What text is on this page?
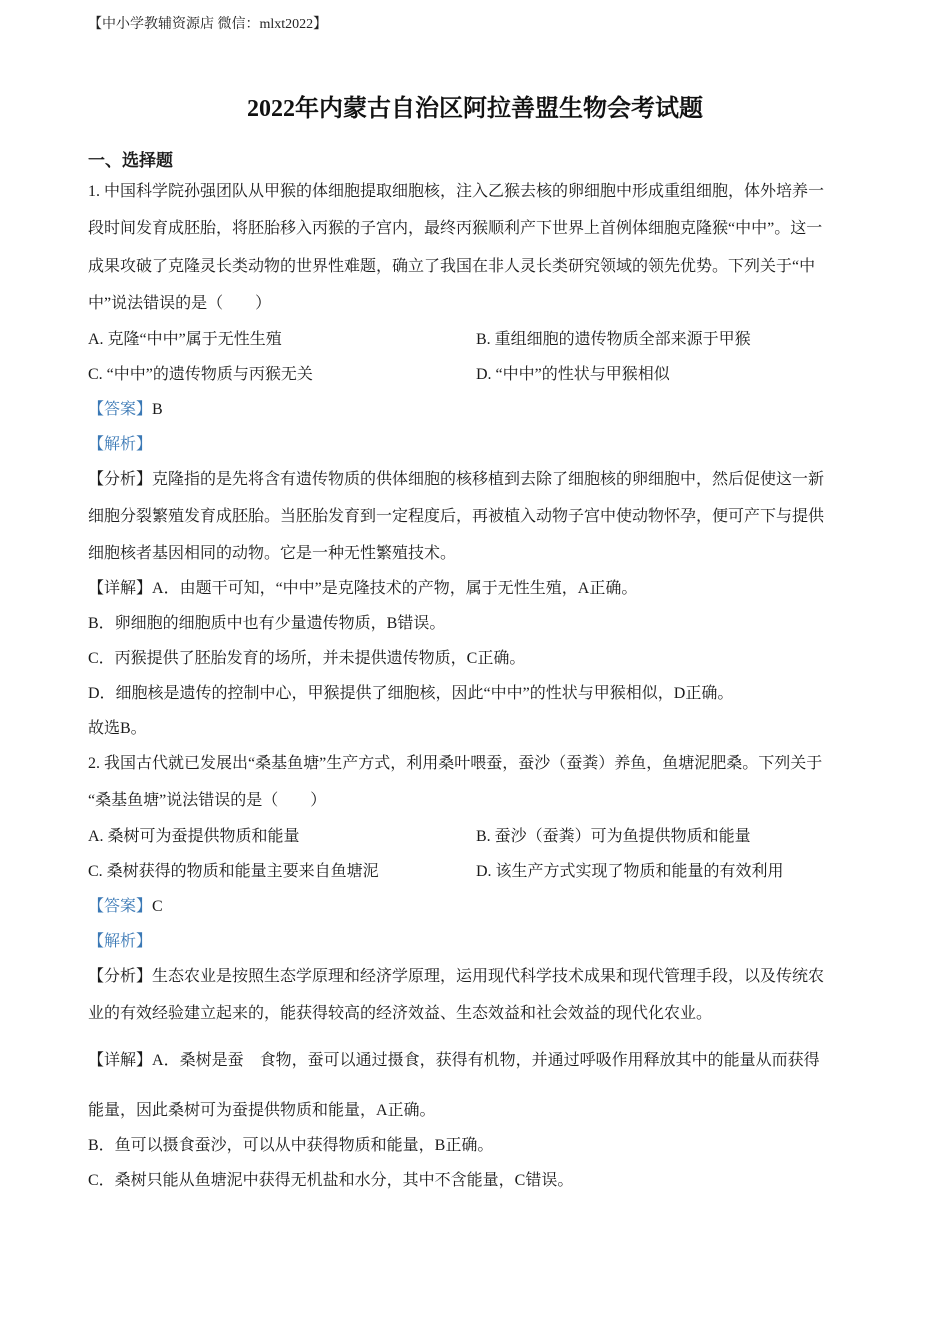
【中小学教辅资源店 微信：mlxt2022】
2022年内蒙古自治区阿拉善盟生物会考试题
一、选择题
1. 中国科学院孙强团队从甲猴的体细胞提取细胞核，注入乙猴去核的卵细胞中形成重组细胞，体外培养一
段时间发育成胚胎，将胚胎移入丙猴的子宫内，最终丙猴顺利产下世界上首例体细胞克隆猴“中中”。这一
成果攻破了克隆灵长类动物的世界性难题，确立了我国在非人灵长类研究领域的领先优势。下列关于“中
中”说法错误的是（　　）
A. 克隆“中中”属于无性生殖	B. 重组细胞的遗传物质全部来源于甲猴
C. “中中”的遗传物质与丙猴无关	D. “中中”的性状与甲猴相似
【答案】B
【解析】
【分析】克隆指的是先将含有遗传物质的供体细胞的核移植到去除了细胞核的卵细胞中，然后促使这一新
细胞分裂繁殖发育成胚胎。当胚胎发育到一定程度后，再被植入动物子宫中使动物怀孕，便可产下与提供
细胞核者基因相同的动物。它是一种无性繁殖技术。
【详解】A．由题干可知，“中中”是克隆技术的产物，属于无性生殖，A正确。
B．卵细胞的细胞质中也有少量遗传物质，B错误。
C．丙猴提供了胚胎发育的场所，并未提供遗传物质，C正确。
D．细胞核是遗传的控制中心，甲猴提供了细胞核，因此“中中”的性状与甲猴相似，D正确。
故选B。
2. 我国古代就已发展出“桑基鱼塘”生产方式，利用桑叶喂蚕，蚕沙（蚕粪）养鱼，鱼塘泥肥桑。下列关于
“桑基鱼塘”说法错误的是（　　）
A. 桑树可为蚕提供物质和能量	B. 蚕沙（蚕粪）可为鱼提供物质和能量
C. 桑树获得的物质和能量主要来自鱼塘泥	D. 该生产方式实现了物质和能量的有效利用
【答案】C
【解析】
【分析】生态农业是按照生态学原理和经济学原理，运用现代科学技术成果和现代管理手段，以及传统农
业的有效经验建立起来的，能获得较高的经济效益、生态效益和社会效益的现代化农业。
【详解】A．桑树是蚕　食物，蚕可以通过摄食，获得有机物，并通过呼吸作用释放其中的能量从而获得
能量，因此桑树可为蚕提供物质和能量，A正确。
B．鱼可以摄食蚕沙，可以从中获得物质和能量，B正确。
C．桑树只能从鱼塘泥中获得无机盐和水分，其中不含能量，C错误。
